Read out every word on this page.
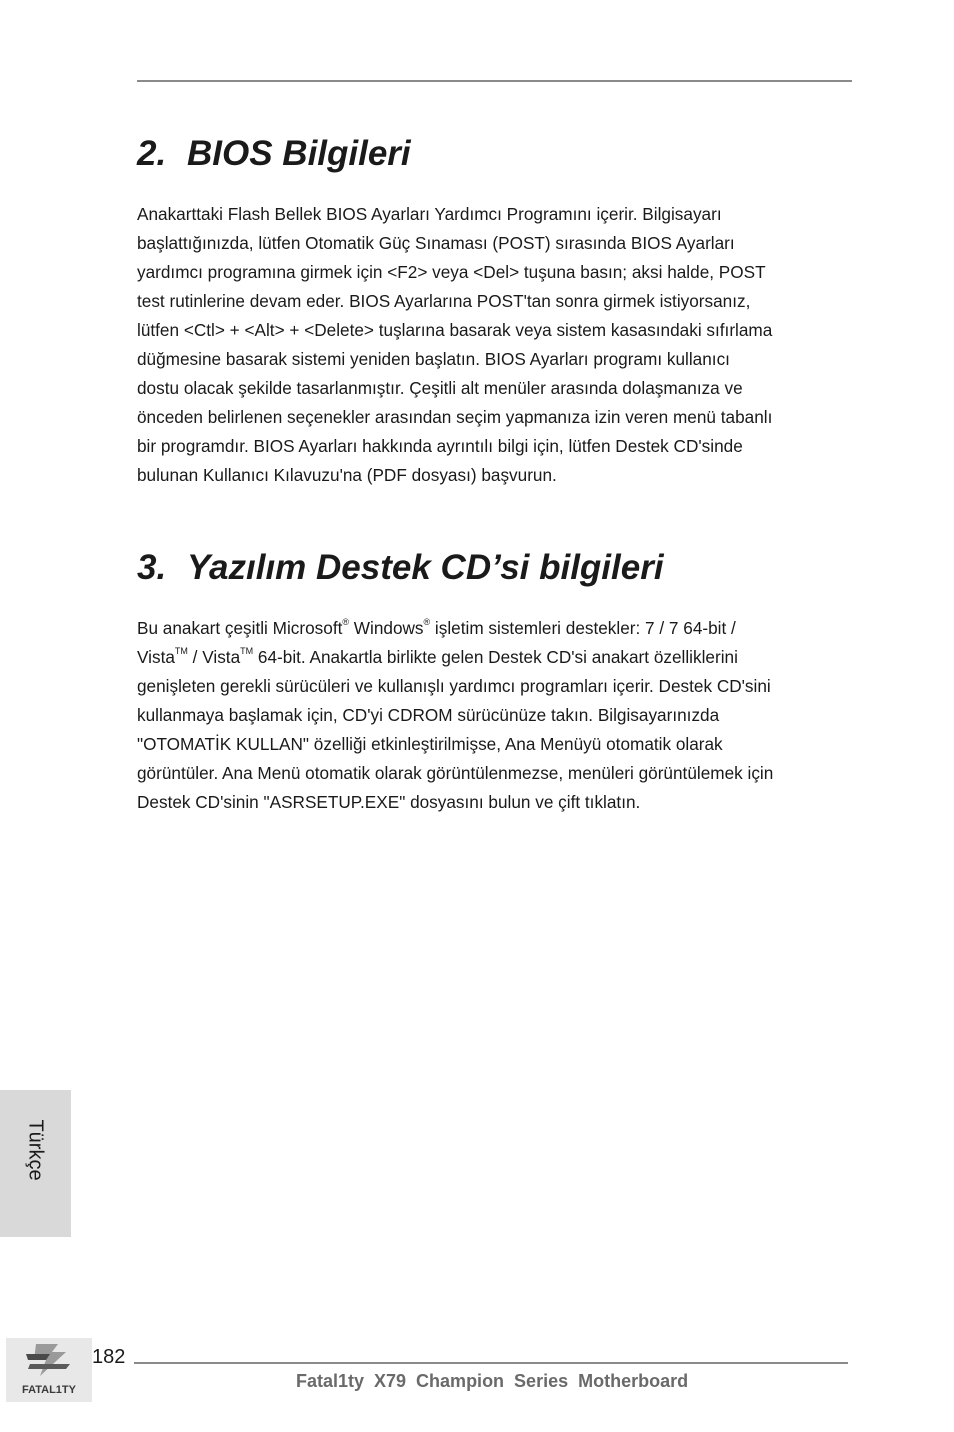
2. BIOS Bilgileri
Anakarttaki Flash Bellek BIOS Ayarları Yardımcı Programını içerir. Bilgisayarı
başlattığınızda, lütfen Otomatik Güç Sınaması (POST) sırasında BIOS Ayarları
yardımcı programına girmek için <F2> veya <Del> tuşuna basın; aksi halde, POST
test rutinlerine devam eder. BIOS Ayarlarına POST'tan sonra girmek istiyorsanız,
lütfen <Ctl> + <Alt> + <Delete> tuşlarına basarak veya sistem kasasındaki sıfırlama
düğmesine basarak sistemi yeniden başlatın. BIOS Ayarları programı kullanıcı
dostu olacak şekilde tasarlanmıştır. Çeşitli alt menüler arasında dolaşmanıza ve
önceden belirlenen seçenekler arasından seçim yapmanıza izin veren menü tabanlı
bir programdır. BIOS Ayarları hakkında ayrıntılı bilgi için, lütfen Destek CD'sinde
bulunan Kullanıcı Kılavuzu'na (PDF dosyası) başvurun.
3. Yazılım Destek CD’si bilgileri
Bu anakart çeşitli Microsoft® Windows® işletim sistemleri destekler: 7 / 7 64-bit /
Vista™ / Vista™ 64-bit. Anakartla birlikte gelen Destek CD'si anakart özelliklerini
genişleten gerekli sürücüleri ve kullanışlı yardımcı programları içerir. Destek CD'sini
kullanmaya başlamak için, CD'yi CDROM sürücünüze takın. Bilgisayarınızda
"OTOMATİK KULLAN" özelliği etkinleştirilmişse, Ana Menüyü otomatik olarak
görüntüler. Ana Menü otomatik olarak görüntülenmezse, menüleri görüntülemek için
Destek CD'sinin "ASRSETUP.EXE" dosyasını bulun ve çift tıklatın.
Türkçe
FATAL1TY
182
Fatal1ty X79 Champion Series Motherboard
